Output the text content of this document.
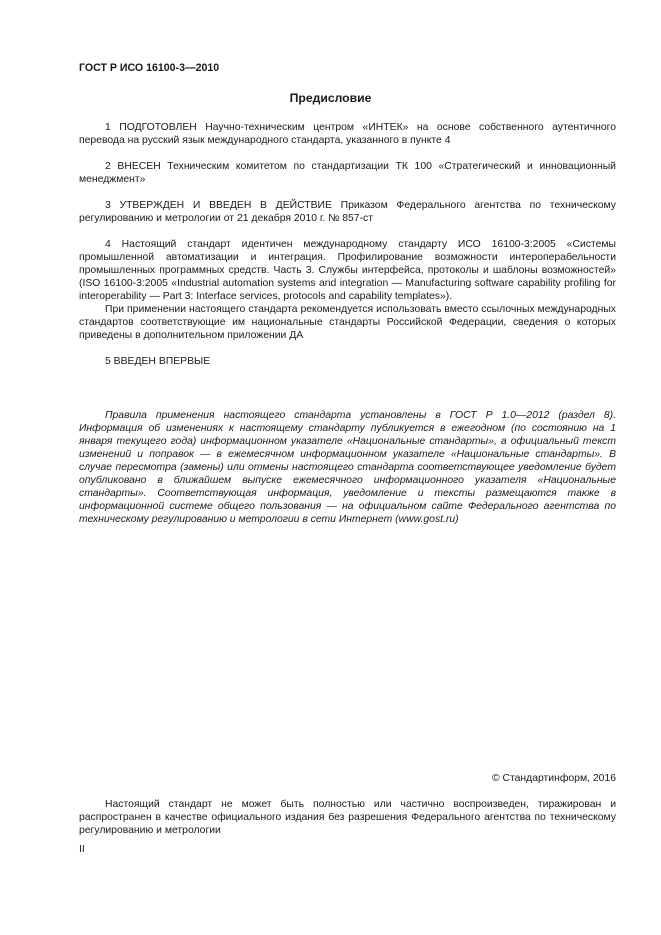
ГОСТ Р ИСО 16100-3—2010
Предисловие

1 ПОДГОТОВЛЕН Научно-техническим центром «ИНТЕК» на основе собственного аутентичного перевода на русский язык международного стандарта, указанного в пункте 4

2 ВНЕСЕН Техническим комитетом по стандартизации ТК 100 «Стратегический и инновационный менеджмент»

3 УТВЕРЖДЕН И ВВЕДЕН В ДЕЙСТВИЕ Приказом Федерального агентства по техническому регулированию и метрологии от 21 декабря 2010 г. № 857-ст

4 Настоящий стандарт идентичен международному стандарту ИСО 16100-3:2005 «Системы промышленной автоматизации и интеграция. Профилирование возможности интероперабельности промышленных программных средств. Часть 3. Службы интерфейса, протоколы и шаблоны возможностей» (ISO 16100-3:2005 «Industrial automation systems and integration — Manufacturing software capability profiling for interoperability — Part 3: Interface services, protocols and capability templates»).

При применении настоящего стандарта рекомендуется использовать вместо ссылочных международных стандартов соответствующие им национальные стандарты Российской Федерации, сведения о которых приведены в дополнительном приложении ДА

5 ВВЕДЕН ВПЕРВЫЕ

Правила применения настоящего стандарта установлены в ГОСТ Р 1.0—2012 (раздел 8). Информация об изменениях к настоящему стандарту публикуется в ежегодном (по состоянию на 1 января текущего года) информационном указателе «Национальные стандарты», а официальный текст изменений и поправок — в ежемесячном информационном указателе «Национальные стандарты». В случае пересмотра (замены) или отмены настоящего стандарта соответствующее уведомление будет опубликовано в ближайшем выпуске ежемесячного информационного указателя «Национальные стандарты». Соответствующая информация, уведомление и тексты размещаются также в информационной системе общего пользования — на официальном сайте Федерального агентства по техническому регулированию и метрологии в сети Интернет (www.gost.ru)

© Стандартинформ, 2016

Настоящий стандарт не может быть полностью или частично воспроизведен, тиражирован и распространен в качестве официального издания без разрешения Федерального агентства по техническому регулированию и метрологии

II
